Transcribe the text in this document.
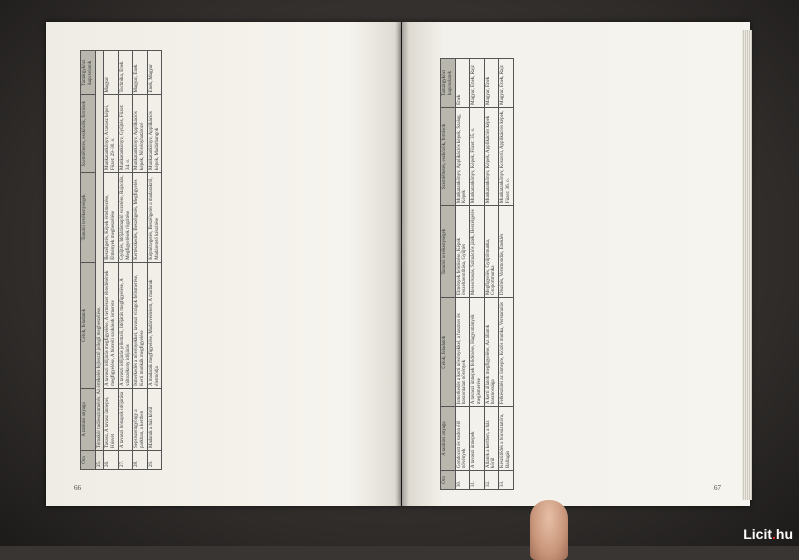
66	67
Óra	A tanítási anyaga	Célok, feladatok	Tanulói tevékenységek	Szemléltetés, eszközök, források	Tantárgyközi kapcsolatok
25.	Témakör tudásszintmérés. Az értékelés fejlesztő jellegű megbeszélése.				
26.	Tavasz, A tavasz ünnepei, Húsvét	A tavaszi időjárás megfigyelése, A természet ébredésének megfigyelése, A húsvéti szokások ismerete	Beszélgetés, Képek értelmezése, Élmények megbeszélése	Munkatankönyv, A tavasz képei, Füzet: 29–30. o.	Magyar
27.	A tavaszi hónapok időjárása	A tavaszi időjárás jellemzői, Időjárás megfigyelése, A változékony időjárás	Gyűjtés, Időjárásnapló vezetése, Rajzolás, Megfigyelések rögzítése	Munkatankönyv, Gyűjtés, Füzet: 34. o.	Technika, Ének
28.	Sepsiszentgyörgy a parkban, a kertben	Ismerkedés a növényekkel, tavaszi virágok felismerése, Kerti munkák megfigyelése	Kertészkedés, Beszélgetés, Megfigyelés	Munkatankönyv, Applikációs képek, Növényhatározó	Magyar, Ének
29.	Madarak a ház körül	A madarak megfigyelése, Madárvédelem, A madarak életmódja	Képnézegetés, Beszélgetés a madarakról, Madáretető készítése	Munkatankönyv, Applikációs képek, Madárhangok	Ének, Magyar
Óra	A tanítási anyaga	Célok, feladatok	Tanulói tevékenységek	Szemléltetés, eszközök, források	Tantárgyközi kapcsolatok
30.	Gondozott és vadon élő növények	Ismerkedés a kerti növényekkel, a hasznos és haszontalan növények	Élmények felidézése, Képek összehasonlítása, Gyűjtés	Munkatankönyv, Applikációs képek, Szalag, Képek	Ének
31.	A tavaszi ünnepek	A tavaszi ünnepek felidézése, Hagyományok megismerése	Meseolvasás, Szituációs játék, Beszélgetés	Munkatankönyv, Képek, Füzet: 35. o.	Magyar, Ének, Rajz
32.	Állatok a kertben, a ház körül	A kerti állatok megfigyelése, Az állatok hasznossága	Megfigyelés, Gyűjtőmunka, Csoportmunka	Munkatankönyv, Képek, Applikációs képek	Magyar, Ének
33.	Készülődés a búcsúztatóra, Ballagás	Felkészülés az ünnepre, Közös munka, Verstanulás	Díszítés, Versmondás, Éneklés	Munkatankönyv, Koszorú, Applikációs képek, Füzet: 36. o.	Magyar, Ének, Rajz
Licit.hu
